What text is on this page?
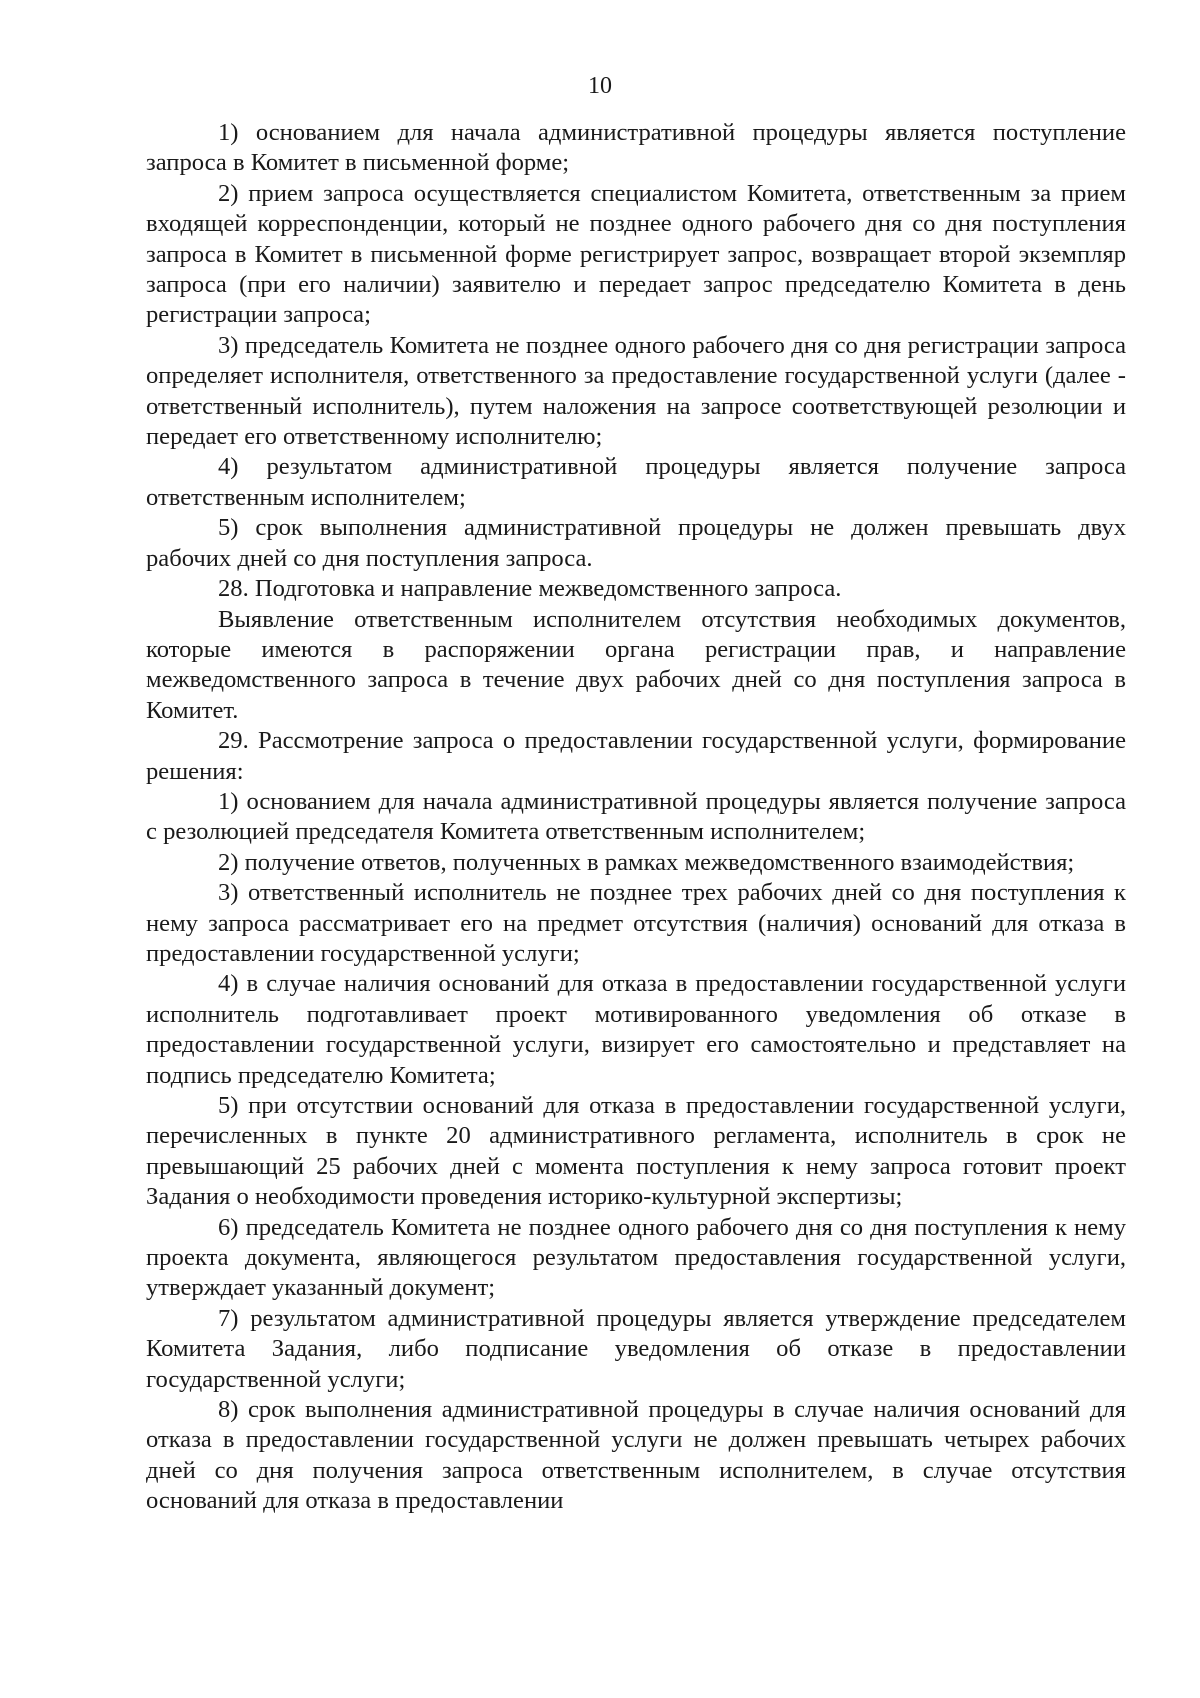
10

1) основанием для начала административной процедуры является поступление запроса в Комитет в письменной форме;

2) прием запроса осуществляется специалистом Комитета, ответственным за прием входящей корреспонденции, который не позднее одного рабочего дня со дня поступления запроса в Комитет в письменной форме регистрирует запрос, возвращает второй экземпляр запроса (при его наличии) заявителю и передает запрос председателю Комитета в день регистрации запроса;

3) председатель Комитета не позднее одного рабочего дня со дня регистрации запроса определяет исполнителя, ответственного за предоставление государственной услуги (далее - ответственный исполнитель), путем наложения на запросе соответствующей резолюции и передает его ответственному исполнителю;

4) результатом административной процедуры является получение запроса ответственным исполнителем;

5) срок выполнения административной процедуры не должен превышать двух рабочих дней со дня поступления запроса.

28. Подготовка и направление межведомственного запроса.

Выявление ответственным исполнителем отсутствия необходимых документов, которые имеются в распоряжении органа регистрации прав, и направление межведомственного запроса в течение двух рабочих дней со дня поступления запроса в Комитет.

29. Рассмотрение запроса о предоставлении государственной услуги, формирование решения:

1) основанием для начала административной процедуры является получение запроса с резолюцией председателя Комитета ответственным исполнителем;

2) получение ответов, полученных в рамках межведомственного взаимодействия;

3) ответственный исполнитель не позднее трех рабочих дней со дня поступления к нему запроса рассматривает его на предмет отсутствия (наличия) оснований для отказа в предоставлении государственной услуги;

4) в случае наличия оснований для отказа в предоставлении государственной услуги исполнитель подготавливает проект мотивированного уведомления об отказе в предоставлении государственной услуги, визирует его самостоятельно и представляет на подпись председателю Комитета;

5) при отсутствии оснований для отказа в предоставлении государственной услуги, перечисленных в пункте 20 административного регламента, исполнитель в срок не превышающий 25 рабочих дней с момента поступления к нему запроса готовит проект Задания о необходимости проведения историко-культурной экспертизы;

6) председатель Комитета не позднее одного рабочего дня со дня поступления к нему проекта документа, являющегося результатом предоставления государственной услуги, утверждает указанный документ;

7) результатом административной процедуры является утверждение председателем Комитета Задания, либо подписание уведомления об отказе в предоставлении государственной услуги;

8) срок выполнения административной процедуры в случае наличия оснований для отказа в предоставлении государственной услуги не должен превышать четырех рабочих дней со дня получения запроса ответственным исполнителем, в случае отсутствия оснований для отказа в предоставлении
